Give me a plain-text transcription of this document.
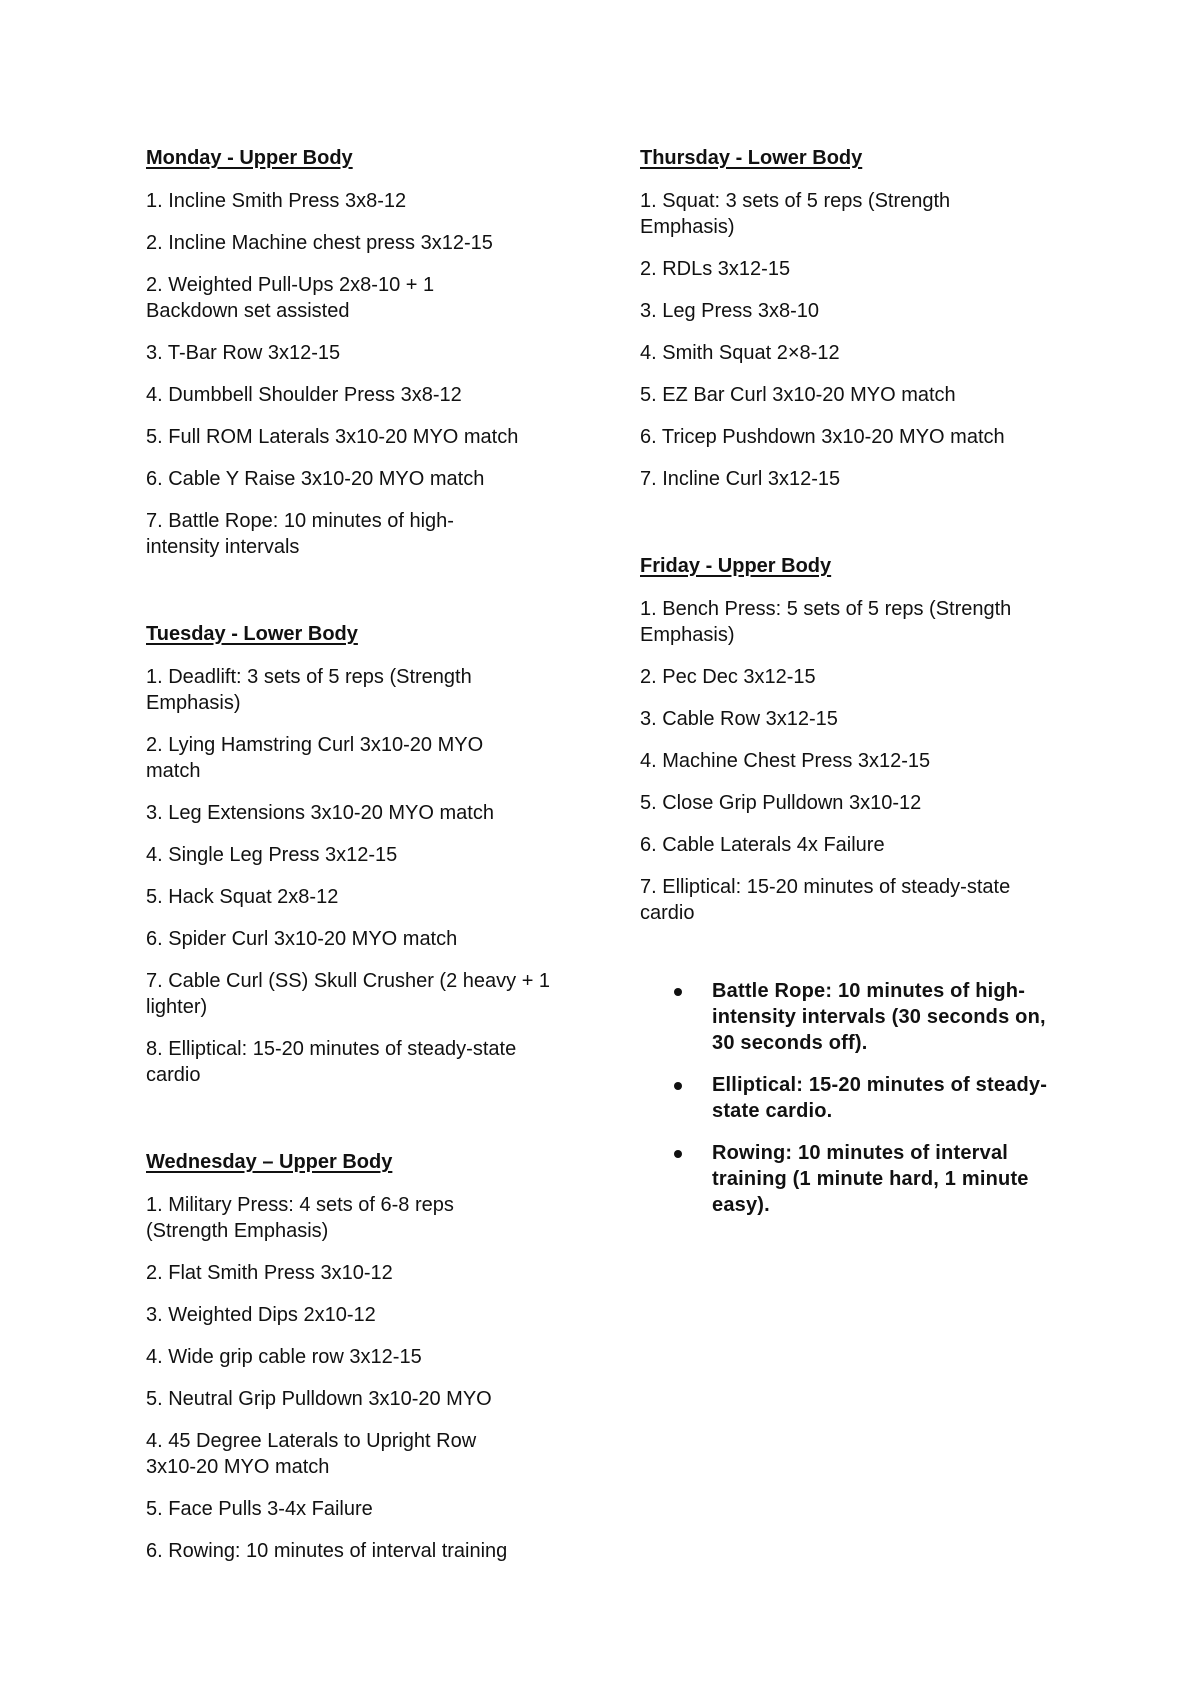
Monday - Upper Body
1. Incline Smith Press 3x8-12
2. Incline Machine chest press 3x12-15
2. Weighted Pull-Ups 2x8-10 + 1 Backdown set assisted
3. T-Bar Row 3x12-15
4. Dumbbell Shoulder Press 3x8-12
5. Full ROM Laterals 3x10-20 MYO match
6. Cable Y Raise 3x10-20 MYO match
7. Battle Rope: 10 minutes of high-intensity intervals
Tuesday - Lower Body
1. Deadlift: 3 sets of 5 reps (Strength Emphasis)
2. Lying Hamstring Curl 3x10-20 MYO match
3. Leg Extensions 3x10-20 MYO match
4. Single Leg Press 3x12-15
5. Hack Squat 2x8-12
6. Spider Curl 3x10-20 MYO match
7. Cable Curl (SS) Skull Crusher (2 heavy + 1 lighter)
8. Elliptical: 15-20 minutes of steady-state cardio
Wednesday – Upper Body
1. Military Press: 4 sets of 6-8 reps (Strength Emphasis)
2. Flat Smith Press 3x10-12
3. Weighted Dips 2x10-12
4. Wide grip cable row 3x12-15
5. Neutral Grip Pulldown 3x10-20 MYO
4. 45 Degree Laterals to Upright Row 3x10-20 MYO match
5. Face Pulls 3-4x Failure
6. Rowing: 10 minutes of interval training
Thursday - Lower Body
1. Squat: 3 sets of 5 reps (Strength Emphasis)
2. RDLs 3x12-15
3. Leg Press 3x8-10
4. Smith Squat 2×8-12
5. EZ Bar Curl 3x10-20 MYO match
6. Tricep Pushdown 3x10-20 MYO match
7. Incline Curl 3x12-15
Friday - Upper Body
1. Bench Press: 5 sets of 5 reps (Strength Emphasis)
2. Pec Dec 3x12-15
3. Cable Row 3x12-15
4. Machine Chest Press 3x12-15
5. Close Grip Pulldown 3x10-12
6. Cable Laterals 4x Failure
7. Elliptical: 15-20 minutes of steady-state cardio
Battle Rope: 10 minutes of high-intensity intervals (30 seconds on, 30 seconds off).
Elliptical: 15-20 minutes of steady-state cardio.
Rowing: 10 minutes of interval training (1 minute hard, 1 minute easy).
